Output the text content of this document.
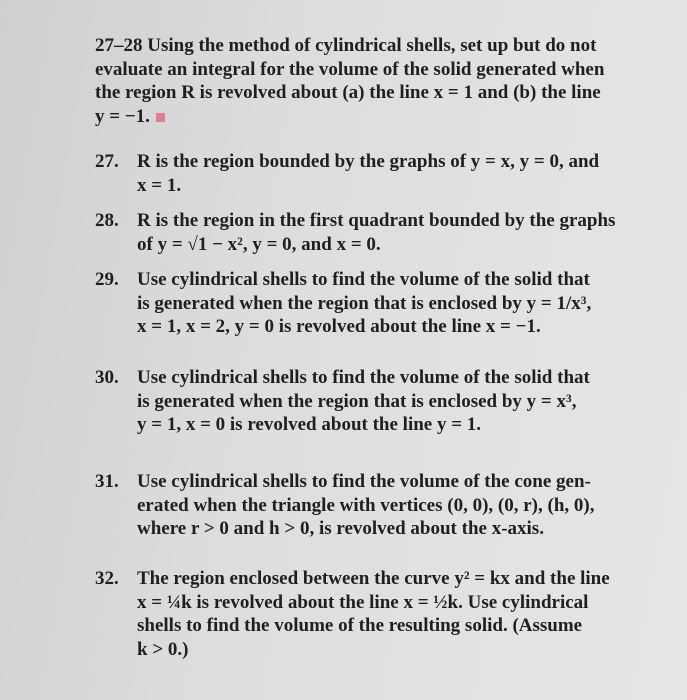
27–28 Using the method of cylindrical shells, set up but do not
evaluate an integral for the volume of the solid generated when
the region R is revolved about (a) the line x = 1 and (b) the line
y = −1.
27. R is the region bounded by the graphs of y = x, y = 0, and
x = 1.
28. R is the region in the first quadrant bounded by the graphs
of y = √1 − x², y = 0, and x = 0.
29. Use cylindrical shells to find the volume of the solid that
is generated when the region that is enclosed by y = 1/x³,
x = 1, x = 2, y = 0 is revolved about the line x = −1.
30. Use cylindrical shells to find the volume of the solid that
is generated when the region that is enclosed by y = x³,
y = 1, x = 0 is revolved about the line y = 1.
31. Use cylindrical shells to find the volume of the cone gen-
erated when the triangle with vertices (0, 0), (0, r), (h, 0),
where r > 0 and h > 0, is revolved about the x-axis.
32. The region enclosed between the curve y² = kx and the line
x = ¼k is revolved about the line x = ½k. Use cylindrical
shells to find the volume of the resulting solid. (Assume
k > 0.)
